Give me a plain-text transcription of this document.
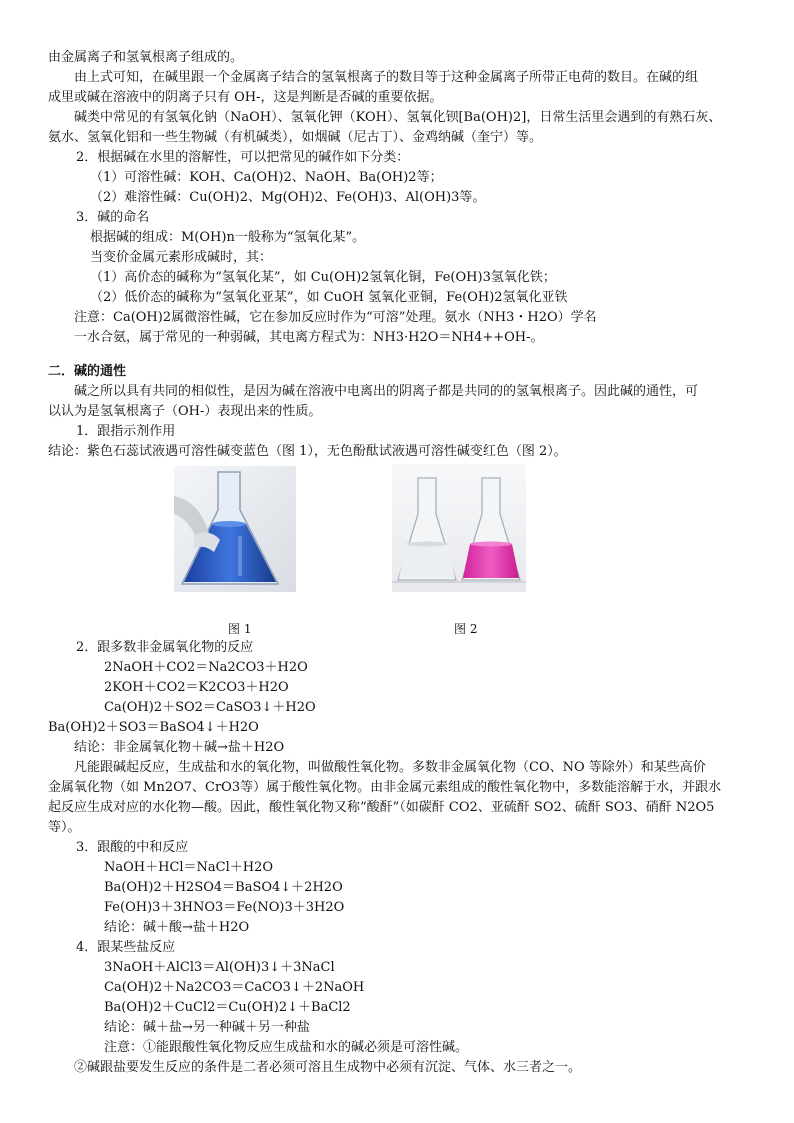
由金属离子和氢氧根离子组成的。
由上式可知，在碱里跟一个金属离子结合的氢氧根离子的数目等于这种金属离子所带正电荷的数目。在碱的组
成里或碱在溶液中的阴离子只有 OH-，这是判断是否碱的重要依据。
碱类中常见的有氢氧化钠（NaOH）、氢氧化钾（KOH）、氢氧化钡[Ba(OH)2]，日常生活里会遇到的有熟石灰、
氨水、氢氧化铝和一些生物碱（有机碱类），如烟碱（尼古丁）、金鸡纳碱（奎宁）等。
2．根据碱在水里的溶解性，可以把常见的碱作如下分类：
（1）可溶性碱：KOH、Ca(OH)2、NaOH、Ba(OH)2等；
（2）难溶性碱：Cu(OH)2、Mg(OH)2、Fe(OH)3、Al(OH)3等。
3．碱的命名
根据碱的组成：M(OH)n一般称为“氢氧化某”。
当变价金属元素形成碱时，其：
（1）高价态的碱称为“氢氧化某”，如 Cu(OH)2氢氧化铜，Fe(OH)3氢氧化铁；
（2）低价态的碱称为“氢氧化亚某”，如 CuOH 氢氧化亚铜，Fe(OH)2氢氧化亚铁
注意：Ca(OH)2属微溶性碱，它在参加反应时作为“可溶”处理。氨水（NH3・H2O）学名
一水合氨，属于常见的一种弱碱，其电离方程式为：NH3·H2O＝NH4++OH-。
二．碱的通性
碱之所以具有共同的相似性，是因为碱在溶液中电离出的阴离子都是共同的的氢氧根离子。因此碱的通性，可
以认为是氢氧根离子（OH-）表现出来的性质。
1．跟指示剂作用
结论：紫色石蕊试液遇可溶性碱变蓝色（图 1），无色酚酞试液遇可溶性碱变红色（图 2）。
图 1	图 2
2．跟多数非金属氧化物的反应
2NaOH＋CO2＝Na2CO3＋H2O
2KOH＋CO2＝K2CO3＋H2O
Ca(OH)2＋SO2＝CaSO3↓＋H2O
Ba(OH)2＋SO3＝BaSO4↓＋H2O
结论：非金属氧化物＋碱→盐＋H2O
凡能跟碱起反应，生成盐和水的氧化物，叫做酸性氧化物。多数非金属氧化物（CO、NO 等除外）和某些高价
金属氧化物（如 Mn2O7、CrO3等）属于酸性氧化物。由非金属元素组成的酸性氧化物中，多数能溶解于水，并跟水
起反应生成对应的水化物—酸。因此，酸性氧化物又称“酸酐”（如碳酐 CO2、亚硫酐 SO2、硫酐 SO3、硝酐 N2O5
等）。
3．跟酸的中和反应
NaOH＋HCl＝NaCl＋H2O
Ba(OH)2＋H2SO4＝BaSO4↓＋2H2O
Fe(OH)3＋3HNO3＝Fe(NO)3＋3H2O
结论：碱＋酸→盐＋H2O
4．跟某些盐反应
3NaOH＋AlCl3＝Al(OH)3↓＋3NaCl
Ca(OH)2＋Na2CO3＝CaCO3↓＋2NaOH
Ba(OH)2＋CuCl2＝Cu(OH)2↓＋BaCl2
结论：碱＋盐→另一种碱＋另一种盐
注意：①能跟酸性氧化物反应生成盐和水的碱必须是可溶性碱。
②碱跟盐要发生反应的条件是二者必须可溶且生成物中必须有沉淀、气体、水三者之一。
